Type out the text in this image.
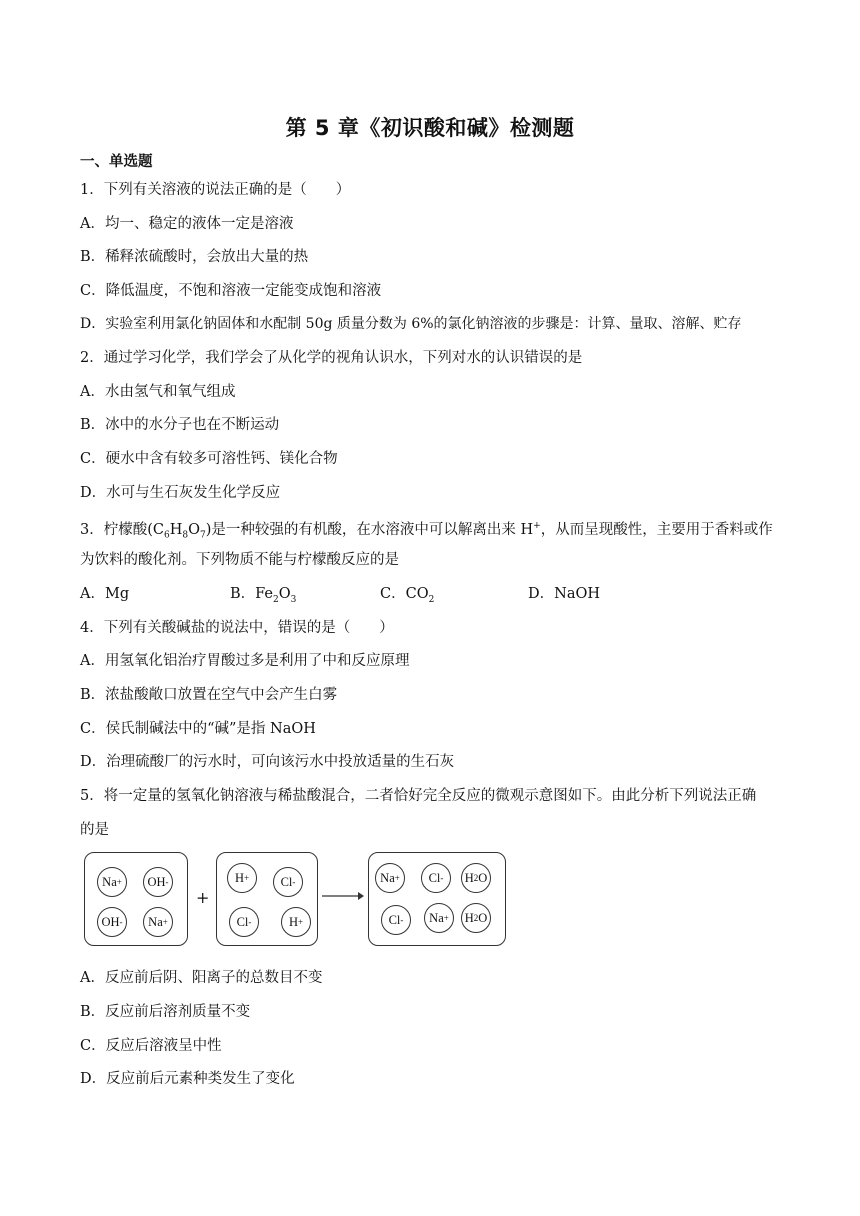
第 5 章《初识酸和碱》检测题
一、单选题
1．下列有关溶液的说法正确的是（　　）
A．均一、稳定的液体一定是溶液
B．稀释浓硫酸时，会放出大量的热
C．降低温度，不饱和溶液一定能变成饱和溶液
D．实验室利用氯化钠固体和水配制 50g 质量分数为 6%的氯化钠溶液的步骤是：计算、量取、溶解、贮存
2．通过学习化学，我们学会了从化学的视角认识水，下列对水的认识错误的是
A．水由氢气和氧气组成
B．冰中的水分子也在不断运动
C．硬水中含有较多可溶性钙、镁化合物
D．水可与生石灰发生化学反应
3．柠檬酸$(C_6H_8O_7)$是一种较强的有机酸，在水溶液中可以解离出来 H+，从而呈现酸性，主要用于香料或作
为饮料的酸化剂。下列物质不能与柠檬酸反应的是
A．Mg	B．$Fe_2O_3$	C．$CO_2$	D．NaOH
4．下列有关酸碱盐的说法中，错误的是（　　）
A．用氢氧化铝治疗胃酸过多是利用了中和反应原理
B．浓盐酸敞口放置在空气中会产生白雾
C．侯氏制碱法中的“碱”是指 NaOH
D．治理硫酸厂的污水时，可向该污水中投放适量的生石灰
5．将一定量的氢氧化钠溶液与稀盐酸混合，二者恰好完全反应的微观示意图如下。由此分析下列说法正确
的是
Na + OH -
OH - Na +
+
H +	Cl -
Cl -	H +
Na + Cl - H 2 O
Cl - Na + H 2 O
A．反应前后阴、阳离子的总数目不变
B．反应前后溶剂质量不变
C．反应后溶液呈中性
D．反应前后元素种类发生了变化
